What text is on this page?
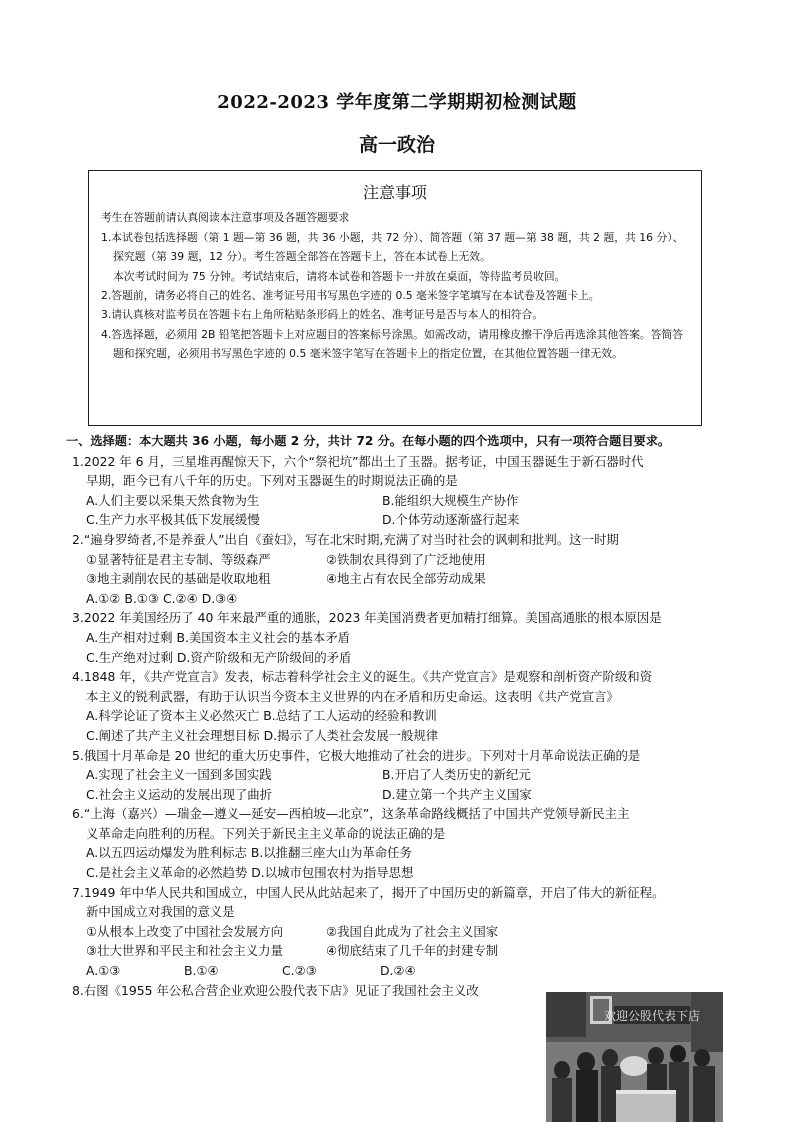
2022-2023 学年度第二学期期初检测试题
高一政治
注意事项

考生在答题前请认真阅读本注意事项及各题答题要求

1.本试卷包括选择题（第 1 题—第 36 题，共 36 小题，共 72 分）、简答题（第 37 题—第 38 题，共 2 题，共 16 分）、探究题（第 39 题，12 分）。考生答题全部答在答题卡上，答在本试卷上无效。

本次考试时间为 75 分钟。考试结束后，请将本试卷和答题卡一并放在桌面，等待监考员收回。

2.答题前，请务必将自己的姓名、准考证号用书写黑色字迹的 0.5 毫米签字笔填写在本试卷及答题卡上。

3.请认真核对监考员在答题卡右上角所粘贴条形码上的姓名、准考证号是否与本人的相符合。

4.答选择题，必须用 2B 铅笔把答题卡上对应题目的答案标号涂黑。如需改动，请用橡皮擦干净后再选涂其他答案。答简答题和探究题，必须用书写黑色字迹的 0.5 毫米签字笔写在答题卡上的指定位置，在其他位置答题一律无效。

一、选择题：本大题共 36 小题，每小题 2 分，共计 72 分。在每小题的四个选项中，只有一项符合题目要求。

1.2022 年 6 月，三星堆再醒惊天下，六个“祭祀坑”都出土了玉器。据考证，中国玉器诞生于新石器时代

早期，距今已有八千年的历史。下列对玉器诞生的时期说法正确的是

A.人们主要以采集天然食物为生	B.能组织大规模生产协作
C.生产力水平极其低下发展缓慢	D.个体劳动逐渐盛行起来

2.“遍身罗绮者,不是养蚕人”出自《蚕妇》，写在北宋时期,充满了对当时社会的讽刺和批判。这一时期

①显著特征是君主专制、等级森严	②铁制农具得到了广泛地使用
③地主剥削农民的基础是收取地租	④地主占有农民全部劳动成果

A.①② B.①③ C.②④ D.③④

3.2022 年美国经历了 40 年来最严重的通胀，2023 年美国消费者更加精打细算。美国高通胀的根本原因是

A.生产相对过剩 B.美国资本主义社会的基本矛盾

C.生产绝对过剩 D.资产阶级和无产阶级间的矛盾

4.1848 年，《共产党宣言》发表，标志着科学社会主义的诞生。《共产党宣言》是观察和剖析资产阶级和资

本主义的锐利武器，有助于认识当今资本主义世界的内在矛盾和历史命运。这表明《共产党宣言》

A.科学论证了资本主义必然灭亡 B.总结了工人运动的经验和教训

C.阐述了共产主义社会理想目标 D.揭示了人类社会发展一般规律

5.俄国十月革命是 20 世纪的重大历史事件，它极大地推动了社会的进步。下列对十月革命说法正确的是

A.实现了社会主义一国到多国实践	B.开启了人类历史的新纪元
C.社会主义运动的发展出现了曲折	D.建立第一个共产主义国家

6.“上海（嘉兴）—瑞金—遵义—延安—西柏坡—北京”，这条革命路线概括了中国共产党领导新民主主

义革命走向胜利的历程。下列关于新民主主义革命的说法正确的是

A.以五四运动爆发为胜利标志 B.以推翻三座大山为革命任务

C.是社会主义革命的必然趋势 D.以城市包围农村为指导思想

7.1949 年中华人民共和国成立，中国人民从此站起来了，揭开了中国历史的新篇章，开启了伟大的新征程。

新中国成立对我国的意义是

①从根本上改变了中国社会发展方向	②我国自此成为了社会主义国家
③壮大世界和平民主和社会主义力量	④彻底结束了几千年的封建专制
A.①③	B.①④	C.②③	D.②④

8.右图《1955 年公私合营企业欢迎公股代表下店》见证了我国社会主义改

欢迎公股代表下店
